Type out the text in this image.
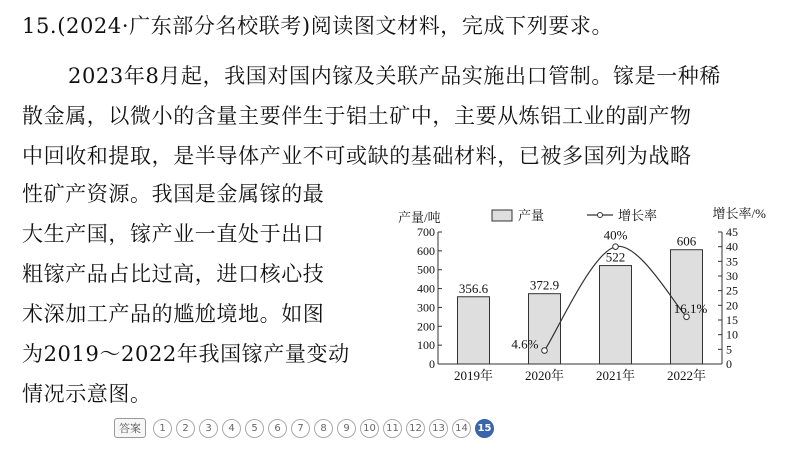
15.(2024·广东部分名校联考)阅读图文材料，完成下列要求。

2023年8月起，我国对国内镓及关联产品实施出口管制。镓是一种稀

散金属，以微小的含量主要伴生于铝土矿中，主要从炼铝工业的副产物

中回收和提取，是半导体产业不可或缺的基础材料，已被多国列为战略

性矿产资源。我国是金属镓的最

大生产国，镓产业一直处于出口

粗镓产品占比过高，进口核心技

术深加工产品的尴尬境地。如图

为2019～2022年我国镓产量变动

情况示意图。

0
100
200
300
400
500
600
700
0
5
10
15
20
25
30
35
40
45
产量/吨	增长率/%
产量	增长率
356.6	372.9
522
606
2019年 2020年 2021年 2022年
4.6%
40%
16.1%
答案	1	2	3	4	5	6	7	8	9	10	11	12	13	14 15
